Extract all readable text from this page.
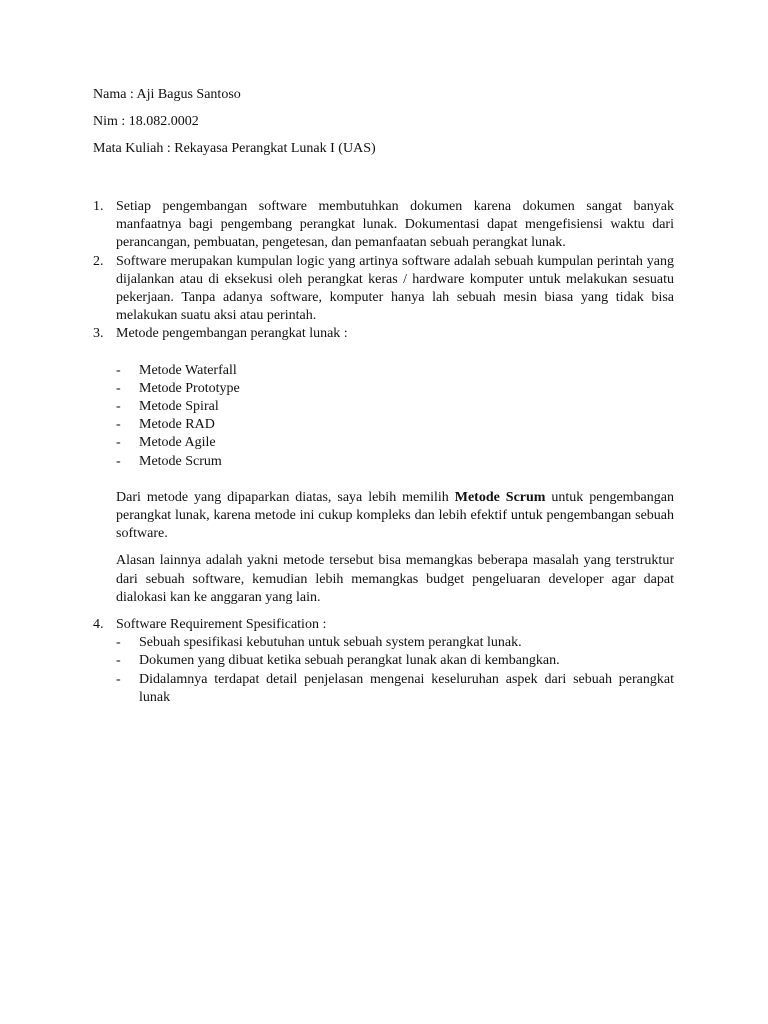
Nama : Aji Bagus Santoso
Nim : 18.082.0002
Mata Kuliah : Rekayasa Perangkat Lunak I (UAS)
1. Setiap pengembangan software membutuhkan dokumen karena dokumen sangat banyak manfaatnya bagi pengembang perangkat lunak. Dokumentasi dapat mengefisiensi waktu dari perancangan, pembuatan, pengetesan, dan pemanfaatan sebuah perangkat lunak.
2. Software merupakan kumpulan logic yang artinya software adalah sebuah kumpulan perintah yang dijalankan atau di eksekusi oleh perangkat keras / hardware komputer untuk melakukan sesuatu pekerjaan. Tanpa adanya software, komputer hanya lah sebuah mesin biasa yang tidak bisa melakukan suatu aksi atau perintah.
3. Metode pengembangan perangkat lunak :
- Metode Waterfall
- Metode Prototype
- Metode Spiral
- Metode RAD
- Metode Agile
- Metode Scrum
Dari metode yang dipaparkan diatas, saya lebih memilih Metode Scrum untuk pengembangan perangkat lunak, karena metode ini cukup kompleks dan lebih efektif untuk pengembangan sebuah software.
Alasan lainnya adalah yakni metode tersebut bisa memangkas beberapa masalah yang terstruktur dari sebuah software, kemudian lebih memangkas budget pengeluaran developer agar dapat dialokasi kan ke anggaran yang lain.
4. Software Requirement Spesification :
- Sebuah spesifikasi kebutuhan untuk sebuah system perangkat lunak.
- Dokumen yang dibuat ketika sebuah perangkat lunak akan di kembangkan.
- Didalamnya terdapat detail penjelasan mengenai keseluruhan aspek dari sebuah perangkat lunak
